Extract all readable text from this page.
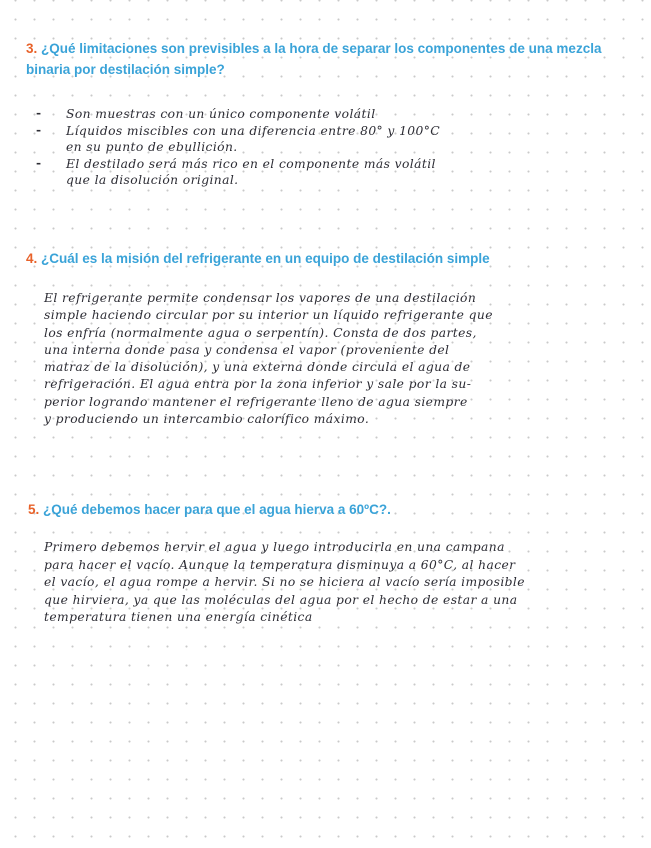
3. ¿Qué limitaciones son previsibles a la hora de separar los componentes de una mezcla binaria por destilación simple?
- Son muestras con un único componente volátil
- Líquidos miscibles con una diferencia entre 80° y 100°C
en su punto de ebullición.
- El destilado será más rico en el componente más volátil
que la disolución original.
4. ¿Cuál es la misión del refrigerante en un equipo de destilación simple
El refrigerante permite condensar los vapores de una destilación
simple haciendo circular por su interior un líquido refrigerante que
los enfría (normalmente agua o serpentín). Consta de dos partes,
una interna donde pasa y condensa el vapor (proveniente del
matraz de la disolución), y una externa donde circula el agua de
refrigeración. El agua entra por la zona inferior y sale por la su-
perior logrando mantener el refrigerante lleno de agua siempre
y produciendo un intercambio calorífico máximo.
5. ¿Qué debemos hacer para que el agua hierva a 60ºC?.
Primero debemos hervir el agua y luego introducirla en una campana
para hacer el vacío. Aunque la temperatura disminuya a 60°C, al hacer
el vacío, el agua rompe a hervir. Si no se hiciera al vacío sería imposible
que hirviera, ya que las moléculas del agua por el hecho de estar a una
temperatura tienen una energía cinética
